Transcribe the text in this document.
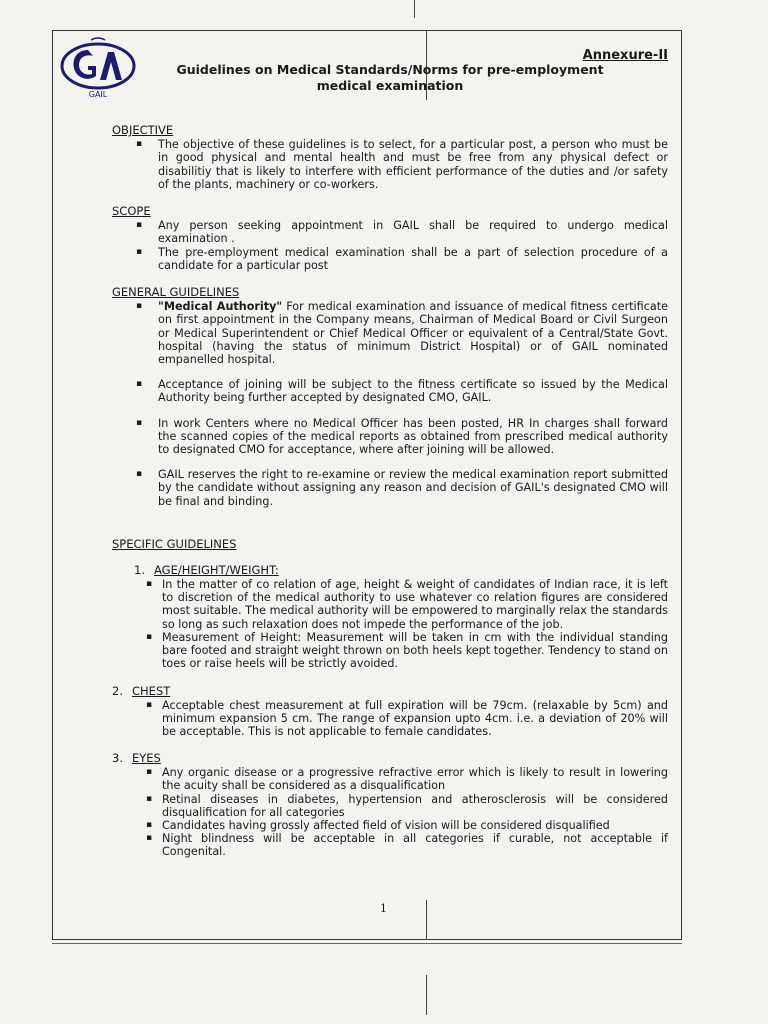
GAIL
Annexure-II
Guidelines on Medical Standards/Norms for pre-employment medical examination
OBJECTIVE
▪ The objective of these guidelines is to select, for a particular post, a person who must be in good physical and mental health and must be free from any physical defect or disabilitiy that is likely to interfere with efficient performance of the duties and /or safety of the plants, machinery or co-workers.
SCOPE
▪ Any person seeking appointment in GAIL shall be required to undergo medical examination .
▪ The pre-employment medical examination shall be a part of selection procedure of a candidate for a particular post
GENERAL GUIDELINES
▪ "Medical Authority" For medical examination and issuance of medical fitness certificate on first appointment in the Company means, Chairman of Medical Board or Civil Surgeon or Medical Superintendent or Chief Medical Officer or equivalent of a Central/State Govt. hospital (having the status of minimum District Hospital) or of GAIL nominated empanelled hospital.
▪ Acceptance of joining will be subject to the fitness certificate so issued by the Medical Authority being further accepted by designated CMO, GAIL.
▪ In work Centers where no Medical Officer has been posted, HR In charges shall forward the scanned copies of the medical reports as obtained from prescribed medical authority to designated CMO for acceptance, where after joining will be allowed.
▪ GAIL reserves the right to re-examine or review the medical examination report submitted by the candidate without assigning any reason and decision of GAIL's designated CMO will be final and binding.
SPECIFIC GUIDELINES
1. AGE/HEIGHT/WEIGHT:
▪ In the matter of co relation of age, height & weight of candidates of Indian race, it is left to discretion of the medical authority to use whatever co relation figures are considered most suitable. The medical authority will be empowered to marginally relax the standards so long as such relaxation does not impede the performance of the job.
▪ Measurement of Height: Measurement will be taken in cm with the individual standing bare footed and straight weight thrown on both heels kept together. Tendency to stand on toes or raise heels will be strictly avoided.
2. CHEST
▪ Acceptable chest measurement at full expiration will be 79cm. (relaxable by 5cm) and minimum expansion 5 cm. The range of expansion upto 4cm. i.e. a deviation of 20% will be acceptable. This is not applicable to female candidates.
3. EYES
▪ Any organic disease or a progressive refractive error which is likely to result in lowering the acuity shall be considered as a disqualification
▪ Retinal diseases in diabetes, hypertension and atherosclerosis will be considered disqualification for all categories
▪ Candidates having grossly affected field of vision will be considered disqualified
▪ Night blindness will be acceptable in all categories if curable, not acceptable if Congenital.
1
